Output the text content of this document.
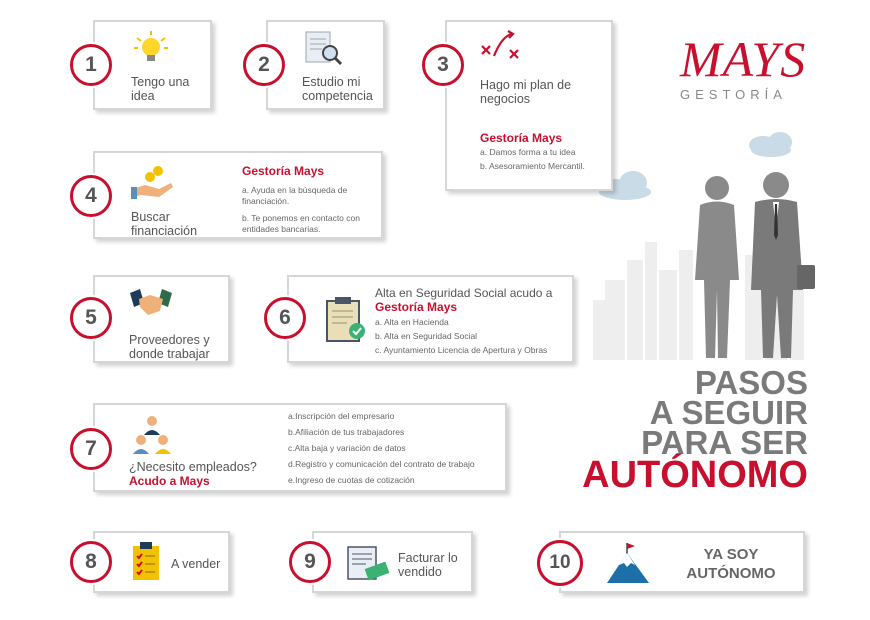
MAYS
GESTORÍA
PASOS
A SEGUIR
PARA SER
AUTÓNOMO
Tengo una idea
1
Estudio mi competencia
2
Hago mi plan de negocios
Gestoría Mays
a. Damos forma a tu idea
b. Asesoramiento Mercantil.
3
Buscar financiación
Gestoría Mays
a. Ayuda en la búsqueda de financiación.
b. Te ponemos en contacto con entidades bancarias.
4
Proveedores y donde trabajar
5
Alta en Seguridad Social acudo a
Gestoría Mays
a. Alta en Hacienda
b. Alta en Seguridad Social
c. Ayuntamiento Licencia de Apertura y Obras
6
¿Necesito empleados?
Acudo a Mays
a.Inscripción del empresario
b.Afiliación de tus trabajadores
c.Alta baja y variación de datos
d.Registro y comunicación del contrato de trabajo
e.Ingreso de cuotas de cotización
7
A vender
8	Facturar lo vendido
9	YA SOY AUTÓNOMO
10
